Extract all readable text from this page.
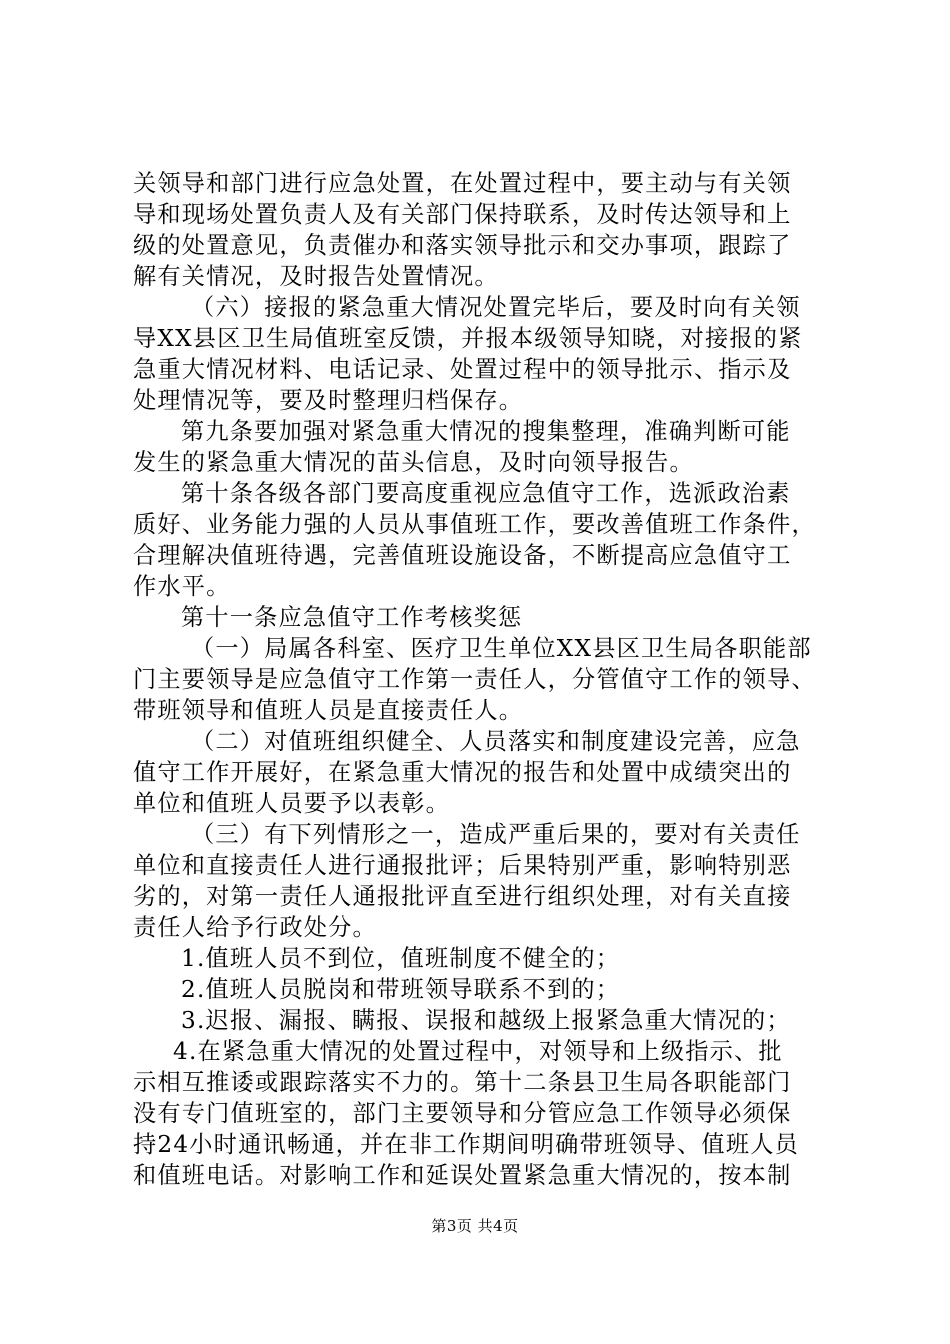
关领导和部门进行应急处置，在处置过程中，要主动与有关领
导和现场处置负责人及有关部门保持联系，及时传达领导和上
级的处置意见，负责催办和落实领导批示和交办事项，跟踪了
解有关情况，及时报告处置情况。
（六）接报的紧急重大情况处置完毕后，要及时向有关领
导XX县区卫生局值班室反馈，并报本级领导知晓，对接报的紧
急重大情况材料、电话记录、处置过程中的领导批示、指示及
处理情况等，要及时整理归档保存。
第九条要加强对紧急重大情况的搜集整理，准确判断可能
发生的紧急重大情况的苗头信息，及时向领导报告。
第十条各级各部门要高度重视应急值守工作，选派政治素
质好、业务能力强的人员从事值班工作，要改善值班工作条件，
合理解决值班待遇，完善值班设施设备，不断提高应急值守工
作水平。
第十一条应急值守工作考核奖惩
（一）局属各科室、医疗卫生单位XX县区卫生局各职能部
门主要领导是应急值守工作第一责任人，分管值守工作的领导、
带班领导和值班人员是直接责任人。
（二）对值班组织健全、人员落实和制度建设完善，应急
值守工作开展好，在紧急重大情况的报告和处置中成绩突出的
单位和值班人员要予以表彰。
（三）有下列情形之一，造成严重后果的，要对有关责任
单位和直接责任人进行通报批评；后果特别严重，影响特别恶
劣的，对第一责任人通报批评直至进行组织处理，对有关直接
责任人给予行政处分。
1.值班人员不到位，值班制度不健全的；
2.值班人员脱岗和带班领导联系不到的；
3.迟报、漏报、瞒报、误报和越级上报紧急重大情况的；
4.在紧急重大情况的处置过程中，对领导和上级指示、批
示相互推诿或跟踪落实不力的。第十二条县卫生局各职能部门
没有专门值班室的，部门主要领导和分管应急工作领导必须保
持24小时通讯畅通，并在非工作期间明确带班领导、值班人员
和值班电话。对影响工作和延误处置紧急重大情况的，按本制
第3页 共4页
